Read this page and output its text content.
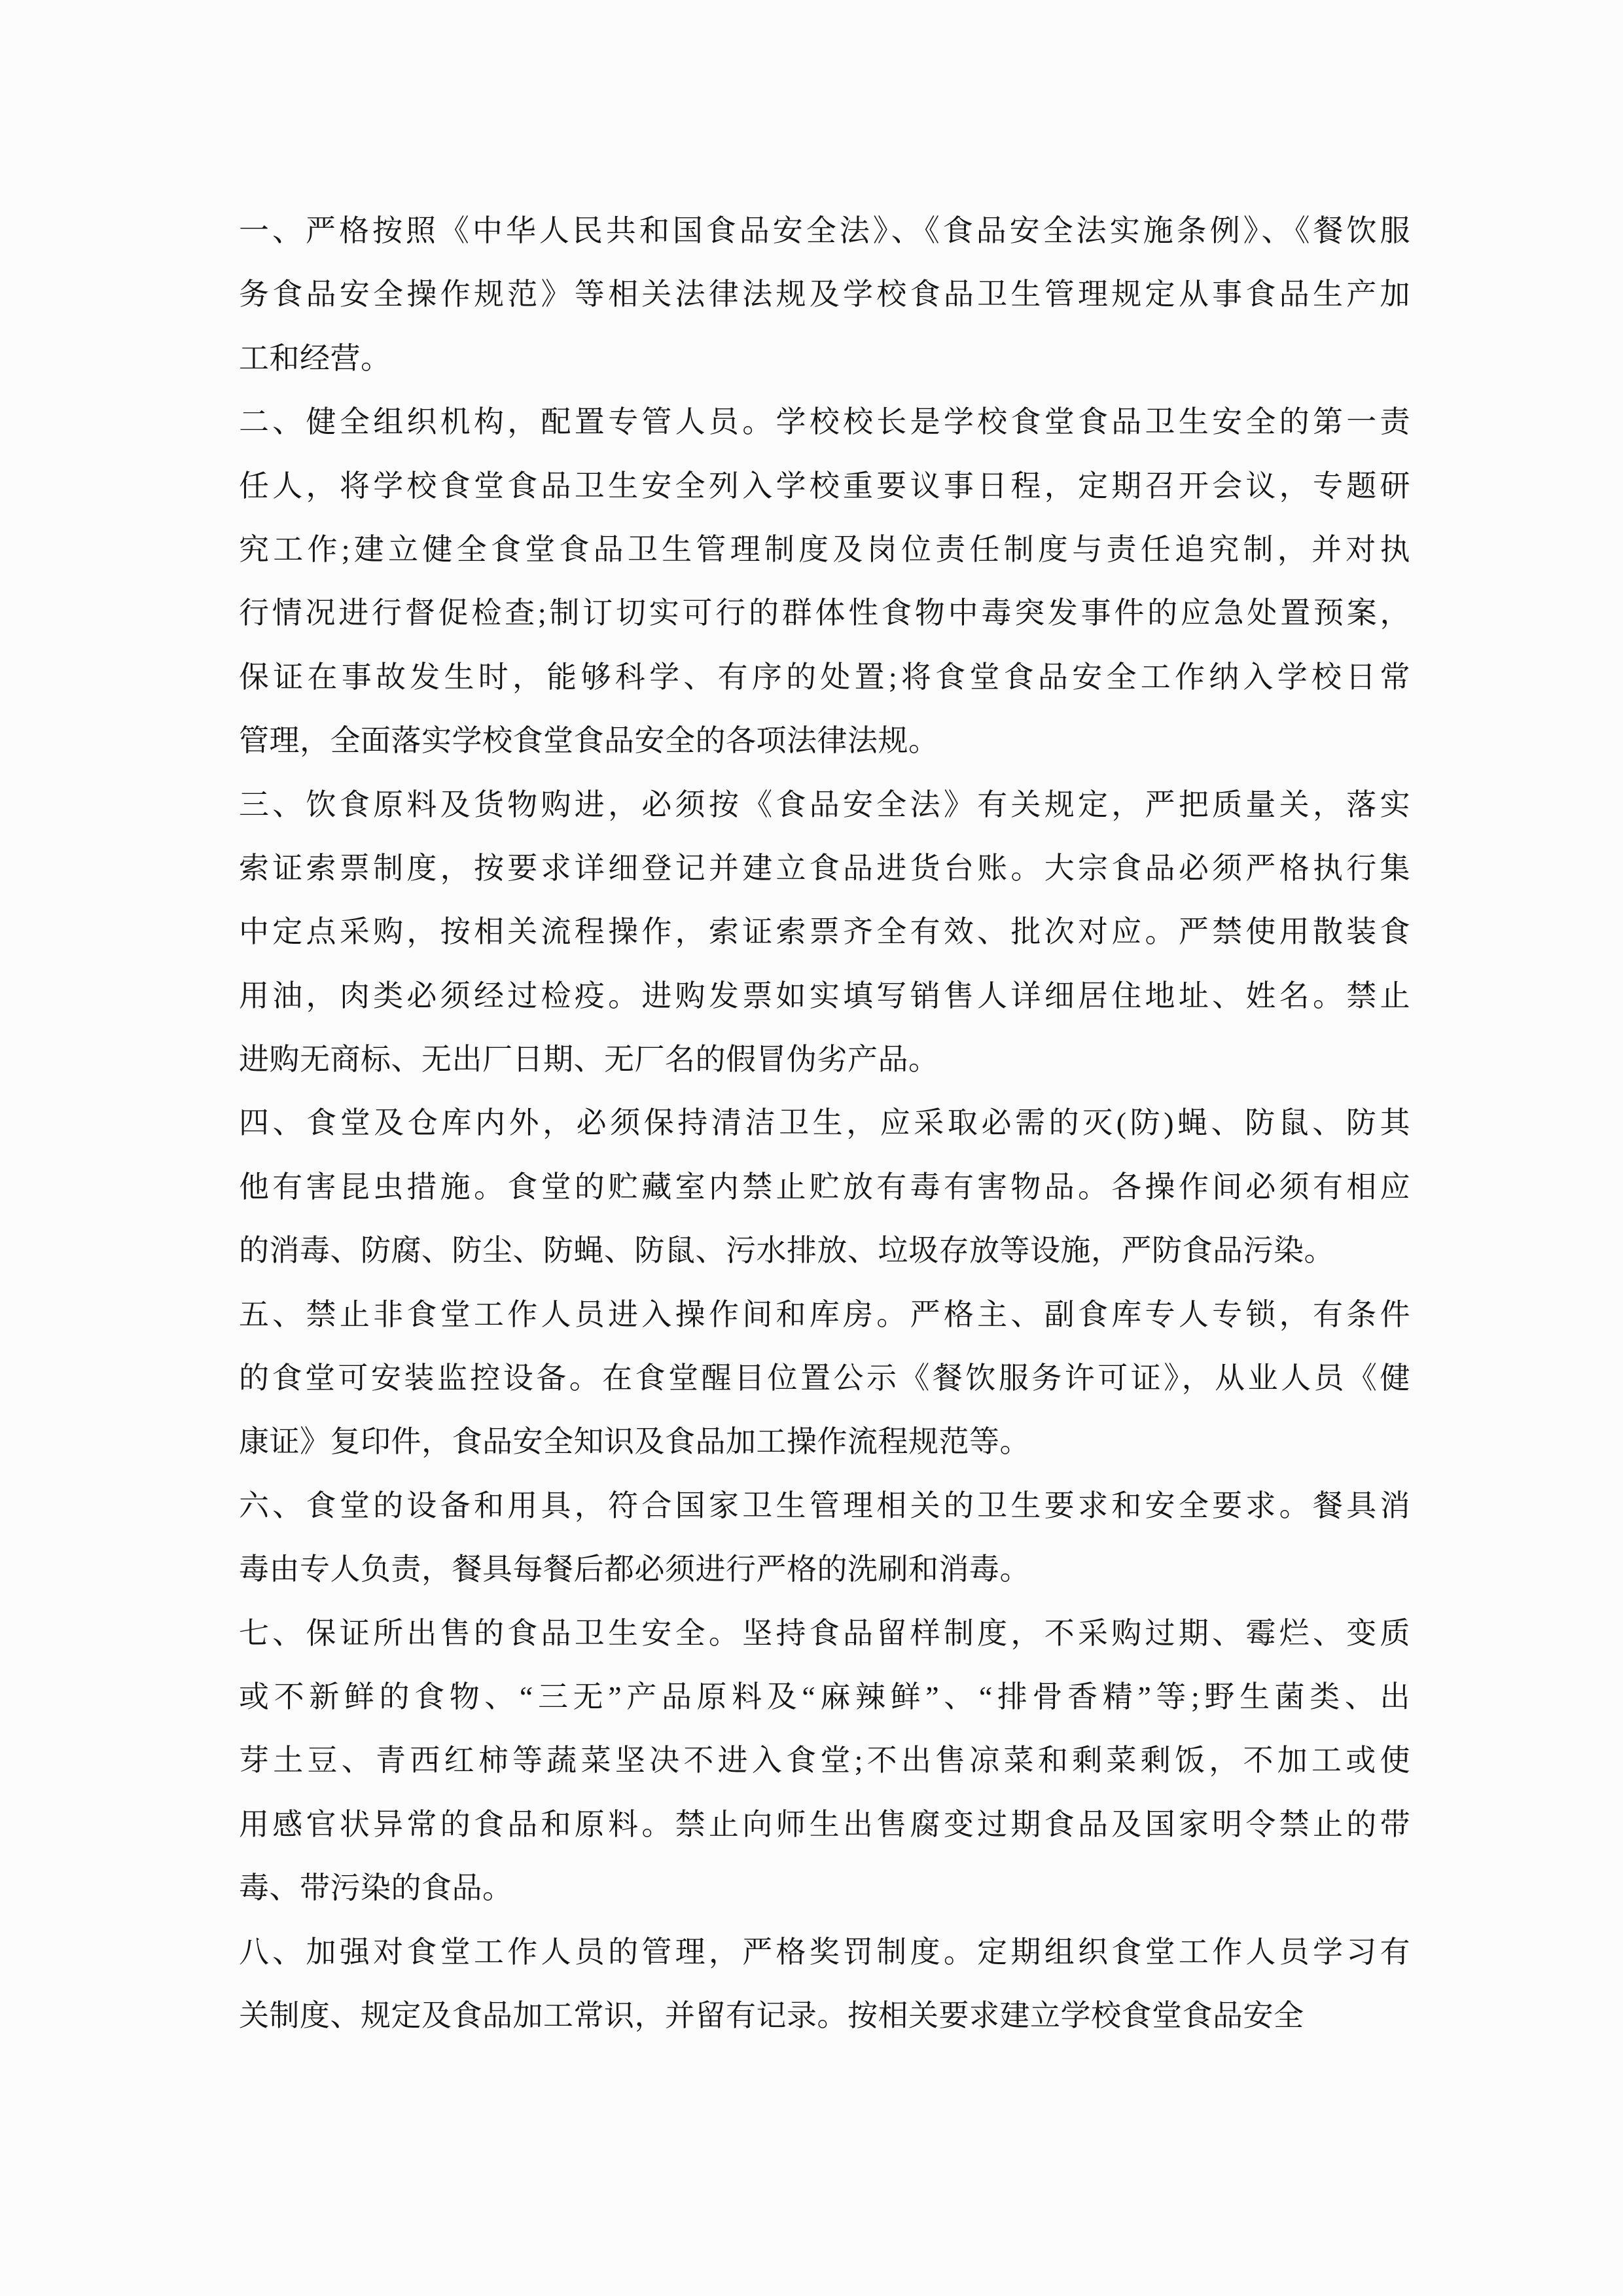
一、严格按照《中华人民共和国食品安全法》、《食品安全法实施条例》、《餐饮服
务食品安全操作规范》等相关法律法规及学校食品卫生管理规定从事食品生产加
工和经营。
二、健全组织机构，配置专管人员。学校校长是学校食堂食品卫生安全的第一责
任人，将学校食堂食品卫生安全列入学校重要议事日程，定期召开会议，专题研
究工作;建立健全食堂食品卫生管理制度及岗位责任制度与责任追究制，并对执
行情况进行督促检查;制订切实可行的群体性食物中毒突发事件的应急处置预案，
保证在事故发生时，能够科学、有序的处置;将食堂食品安全工作纳入学校日常
管理，全面落实学校食堂食品安全的各项法律法规。
三、饮食原料及货物购进，必须按《食品安全法》有关规定，严把质量关，落实
索证索票制度，按要求详细登记并建立食品进货台账。大宗食品必须严格执行集
中定点采购，按相关流程操作，索证索票齐全有效、批次对应。严禁使用散装食
用油，肉类必须经过检疫。进购发票如实填写销售人详细居住地址、姓名。禁止
进购无商标、无出厂日期、无厂名的假冒伪劣产品。
四、食堂及仓库内外，必须保持清洁卫生，应采取必需的灭(防)蝇、防鼠、防其
他有害昆虫措施。食堂的贮藏室内禁止贮放有毒有害物品。各操作间必须有相应
的消毒、防腐、防尘、防蝇、防鼠、污水排放、垃圾存放等设施，严防食品污染。
五、禁止非食堂工作人员进入操作间和库房。严格主、副食库专人专锁，有条件
的食堂可安装监控设备。在食堂醒目位置公示《餐饮服务许可证》，从业人员《健
康证》复印件，食品安全知识及食品加工操作流程规范等。
六、食堂的设备和用具，符合国家卫生管理相关的卫生要求和安全要求。餐具消
毒由专人负责，餐具每餐后都必须进行严格的洗刷和消毒。
七、保证所出售的食品卫生安全。坚持食品留样制度，不采购过期、霉烂、变质
或不新鲜的食物、“三无”产品原料及“麻辣鲜”、“排骨香精”等;野生菌类、出
芽土豆、青西红柿等蔬菜坚决不进入食堂;不出售凉菜和剩菜剩饭，不加工或使
用感官状异常的食品和原料。禁止向师生出售腐变过期食品及国家明令禁止的带
毒、带污染的食品。
八、加强对食堂工作人员的管理，严格奖罚制度。定期组织食堂工作人员学习有
关制度、规定及食品加工常识，并留有记录。按相关要求建立学校食堂食品安全
